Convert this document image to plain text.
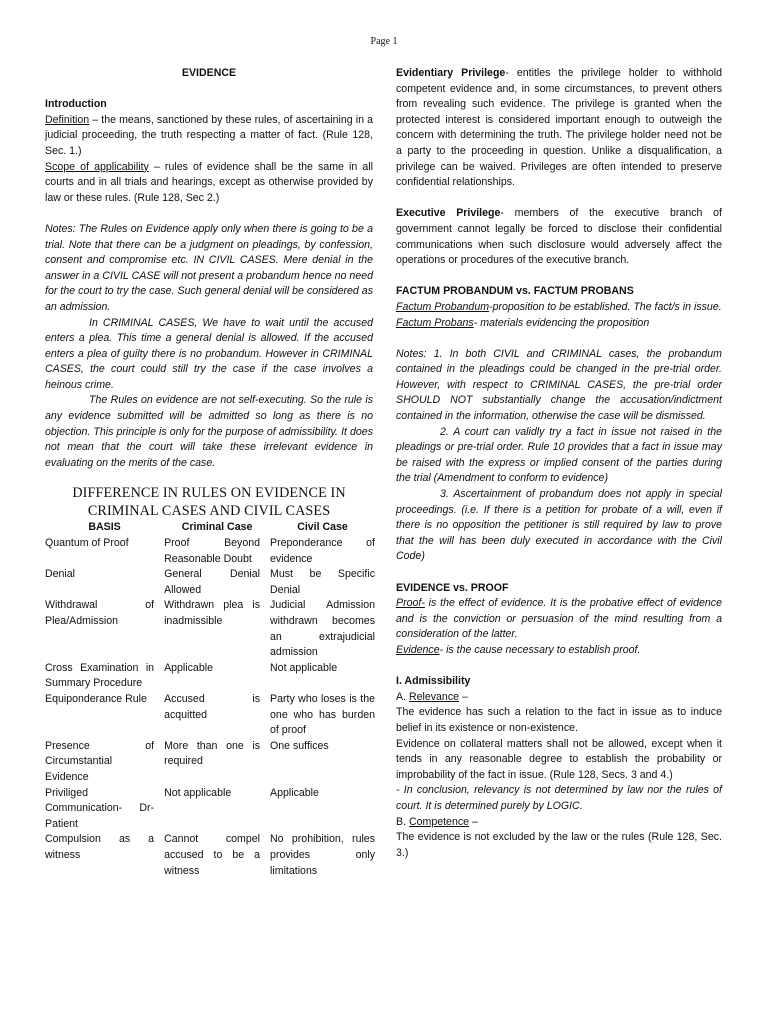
Page 1

EVIDENCE

Introduction

Definition – the means, sanctioned by these rules, of ascertaining in a judicial proceeding, the truth respecting a matter of fact. (Rule 128, Sec. 1.)

Scope of applicability – rules of evidence shall be the same in all courts and in all trials and hearings, except as otherwise provided by law or these rules. (Rule 128, Sec 2.)

Notes: The Rules on Evidence apply only when there is going to be a trial. Note that there can be a judgment on pleadings, by confession, consent and compromise etc. IN CIVIL CASES. Mere denial in the answer in a CIVIL CASE will not present a probandum hence no need for the court to try the case. Such general denial will be considered as an admission.

In CRIMINAL CASES, We have to wait until the accused enters a plea. This time a general denial is allowed. If the accused enters a plea of guilty there is no probandum. However in CRIMINAL CASES, the court could still try the case if the case involves a heinous crime.

The Rules on evidence are not self-executing. So the rule is any evidence submitted will be admitted so long as there is no objection. This principle is only for the purpose of admissibility. It does not mean that the court will take these irrelevant evidence in evaluating on the merits of the case.

DIFFERENCE IN RULES ON EVIDENCE IN CRIMINAL CASES AND CIVIL CASES

BASIS	Criminal Case	Civil Case
Quantum of Proof	Proof Beyond Reasonable Doubt	Preponderance of evidence
Denial	General Denial Allowed	Must be Specific Denial
Withdrawal of Plea/Admission	Withdrawn plea is inadmissible	Judicial Admission withdrawn becomes an extrajudicial admission
Cross Examination in Summary Procedure	Applicable	Not applicable
Equiponderance Rule	Accused is acquitted	Party who loses is the one who has burden of proof
Presence of Circumstantial Evidence	More than one is required	One suffices
Priviliged Communication- Dr-Patient	Not applicable	Applicable
Compulsion as a witness	Cannot compel accused to be a witness	No prohibition, rules provides only limitations

Evidentiary Privilege- entitles the privilege holder to withhold competent evidence and, in some circumstances, to prevent others from revealing such evidence. The privilege is granted when the protected interest is considered important enough to outweigh the concern with determining the truth. The privilege holder need not be a party to the proceeding in question. Unlike a disqualification, a privilege can be waived. Privileges are often intended to preserve confidential relationships.

Executive Privilege- members of the executive branch of government cannot legally be forced to disclose their confidential communications when such disclosure would adversely affect the operations or procedures of the executive branch.

FACTUM PROBANDUM vs. FACTUM PROBANS

Factum Probandum-proposition to be established. The fact/s in issue.

Factum Probans- materials evidencing the proposition

Notes: 1. In both CIVIL and CRIMINAL cases, the probandum contained in the pleadings could be changed in the pre-trial order. However, with respect to CRIMINAL CASES, the pre-trial order SHOULD NOT substantially change the accusation/indictment contained in the information, otherwise the case will be dismissed.

2. A court can validly try a fact in issue not raised in the pleadings or pre-trial order. Rule 10 provides that a fact in issue may be raised with the express or implied consent of the parties during the trial (Amendment to conform to evidence)

3. Ascertainment of probandum does not apply in special proceedings. (i.e. If there is a petition for probate of a will, even if there is no opposition the petitioner is still required by law to prove that the will has been duly executed in accordance with the Civil Code)

EVIDENCE vs. PROOF

Proof- is the effect of evidence. It is the probative effect of evidence and is the conviction or persuasion of the mind resulting from a consideration of the latter.

Evidence- is the cause necessary to establish proof.

I. Admissibility

A. Relevance –

The evidence has such a relation to the fact in issue as to induce belief in its existence or non-existence.

Evidence on collateral matters shall not be allowed, except when it tends in any reasonable degree to establish the probability or improbability of the fact in issue. (Rule 128, Secs. 3 and 4.)

- In conclusion, relevancy is not determined by law nor the rules of court. It is determined purely by LOGIC.

B. Competence –

The evidence is not excluded by the law or the rules (Rule 128, Sec. 3.)
